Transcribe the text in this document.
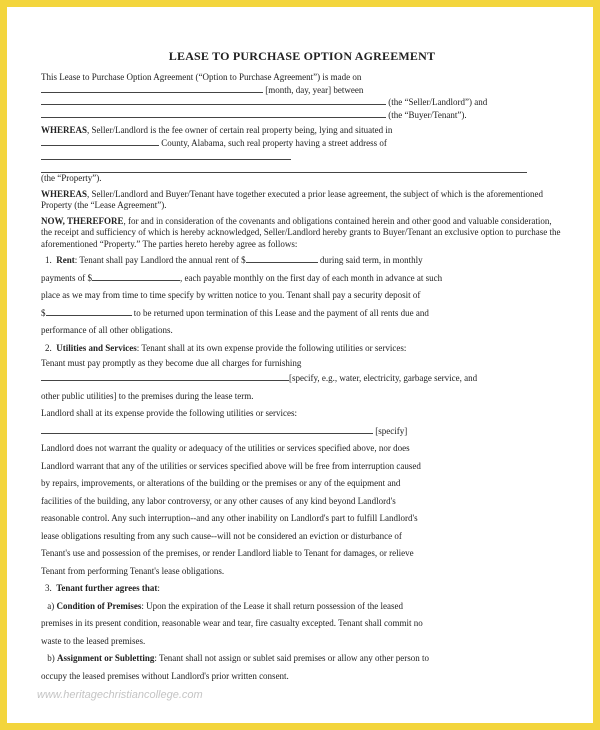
LEASE TO PURCHASE OPTION AGREEMENT

This Lease to Purchase Option Agreement (“Option to Purchase Agreement”) is made on

[month, day, year] between

(the “Seller/Landlord”) and

(the “Buyer/Tenant”).

WHEREAS, Seller/Landlord is the fee owner of certain real property being, lying and situated in
County, Alabama, such real property having a street address of

(the “Property”).

WHEREAS, Seller/Landlord and Buyer/Tenant have together executed a prior lease agreement, the subject of which is the aforementioned Property (the “Lease Agreement”).

NOW, THEREFORE, for and in consideration of the covenants and obligations contained herein and other good and valuable consideration, the receipt and sufficiency of which is hereby acknowledged, Seller/Landlord hereby grants to Buyer/Tenant an exclusive option to purchase the aforementioned “Property.” The parties hereto hereby agree as follows:

1. Rent: Tenant shall pay Landlord the annual rent of $	during said term, in monthly

payments of $	, each payable monthly on the first day of each month in advance at such

place as we may from time to time specify by written notice to you. Tenant shall pay a security deposit of

$	to be returned upon termination of this Lease and the payment of all rents due and

performance of all other obligations.

2. Utilities and Services: Tenant shall at its own expense provide the following utilities or services:

Tenant must pay promptly as they become due all charges for furnishing

[specify, e.g., water, electricity, garbage service, and

other public utilities] to the premises during the lease term.

Landlord shall at its expense provide the following utilities or services:

[specify]

Landlord does not warrant the quality or adequacy of the utilities or services specified above, nor does

Landlord warrant that any of the utilities or services specified above will be free from interruption caused

by repairs, improvements, or alterations of the building or the premises or any of the equipment and

facilities of the building, any labor controversy, or any other causes of any kind beyond Landlord's

reasonable control. Any such interruption--and any other inability on Landlord's part to fulfill Landlord's

lease obligations resulting from any such cause--will not be considered an eviction or disturbance of

Tenant's use and possession of the premises, or render Landlord liable to Tenant for damages, or relieve

Tenant from performing Tenant's lease obligations.

3. Tenant further agrees that:

a) Condition of Premises: Upon the expiration of the Lease it shall return possession of the leased

premises in its present condition, reasonable wear and tear, fire casualty excepted. Tenant shall commit no

waste to the leased premises.

b) Assignment or Subletting: Tenant shall not assign or sublet said premises or allow any other person to

occupy the leased premises without Landlord's prior written consent.

www.heritagechristiancollege.com
